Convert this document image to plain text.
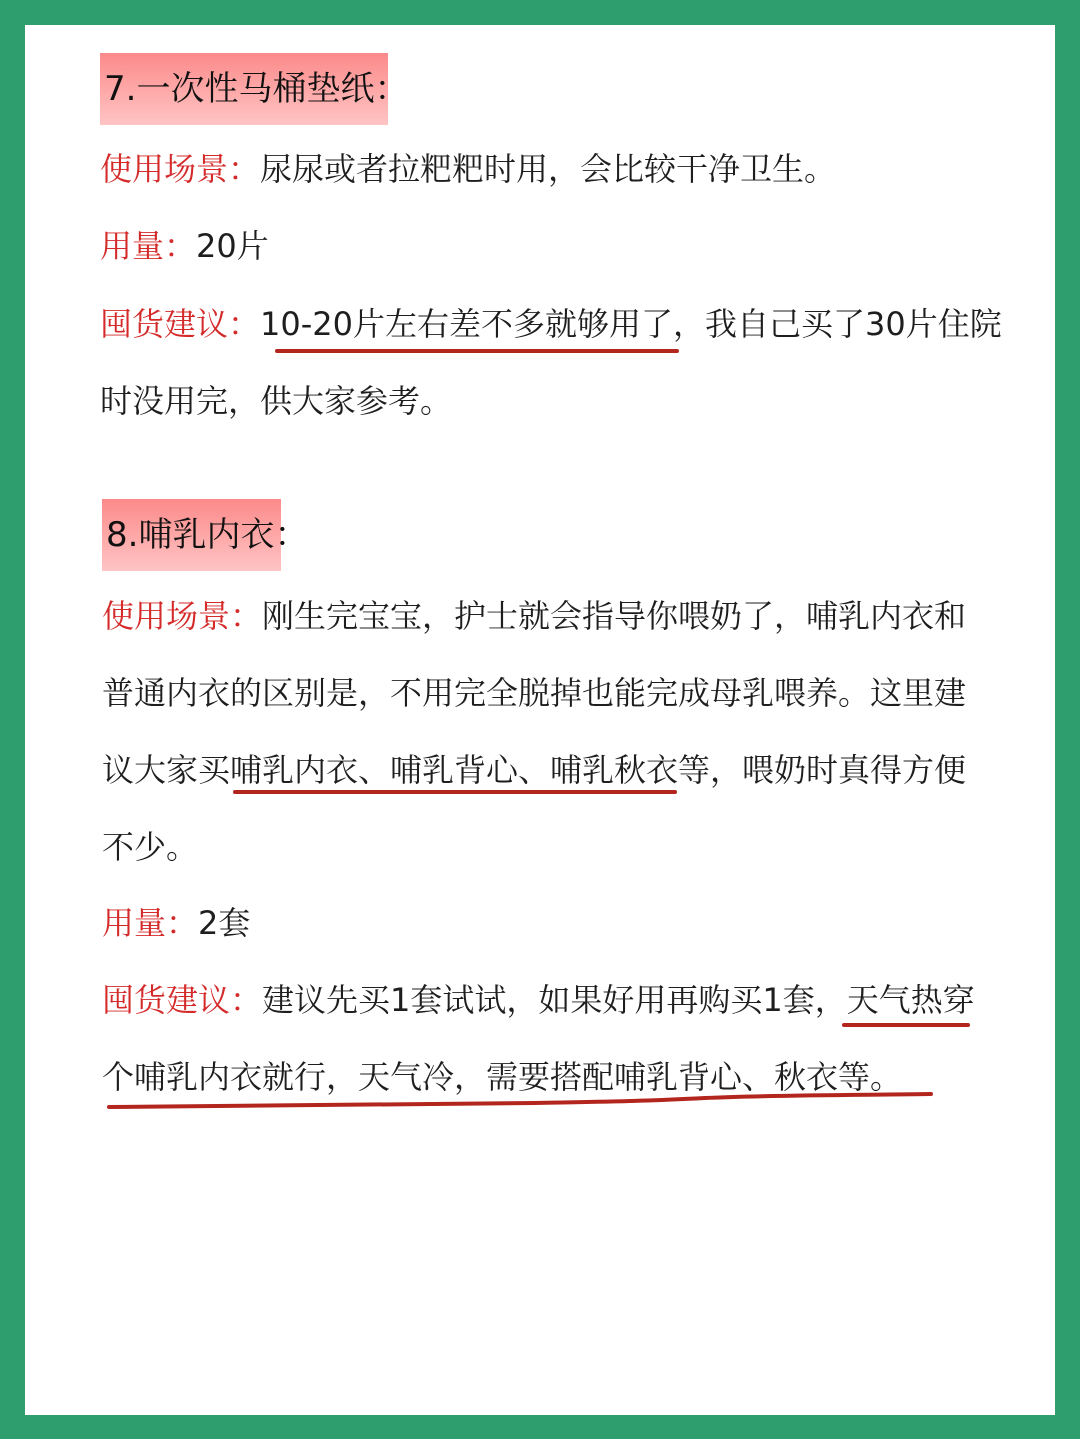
7.一次性马桶垫纸：
使用场景：尿尿或者拉粑粑时用，会比较干净卫生。
用量：20片
囤货建议：10-20片左右差不多就够用了，我自己买了30片住院
时没用完，供大家参考。
8.哺乳内衣：
使用场景：刚生完宝宝，护士就会指导你喂奶了，哺乳内衣和
普通内衣的区别是，不用完全脱掉也能完成母乳喂养。这里建
议大家买哺乳内衣、哺乳背心、哺乳秋衣等，喂奶时真得方便
不少。
用量：2套
囤货建议：建议先买1套试试，如果好用再购买1套，天气热穿
个哺乳内衣就行，天气冷，需要搭配哺乳背心、秋衣等。
